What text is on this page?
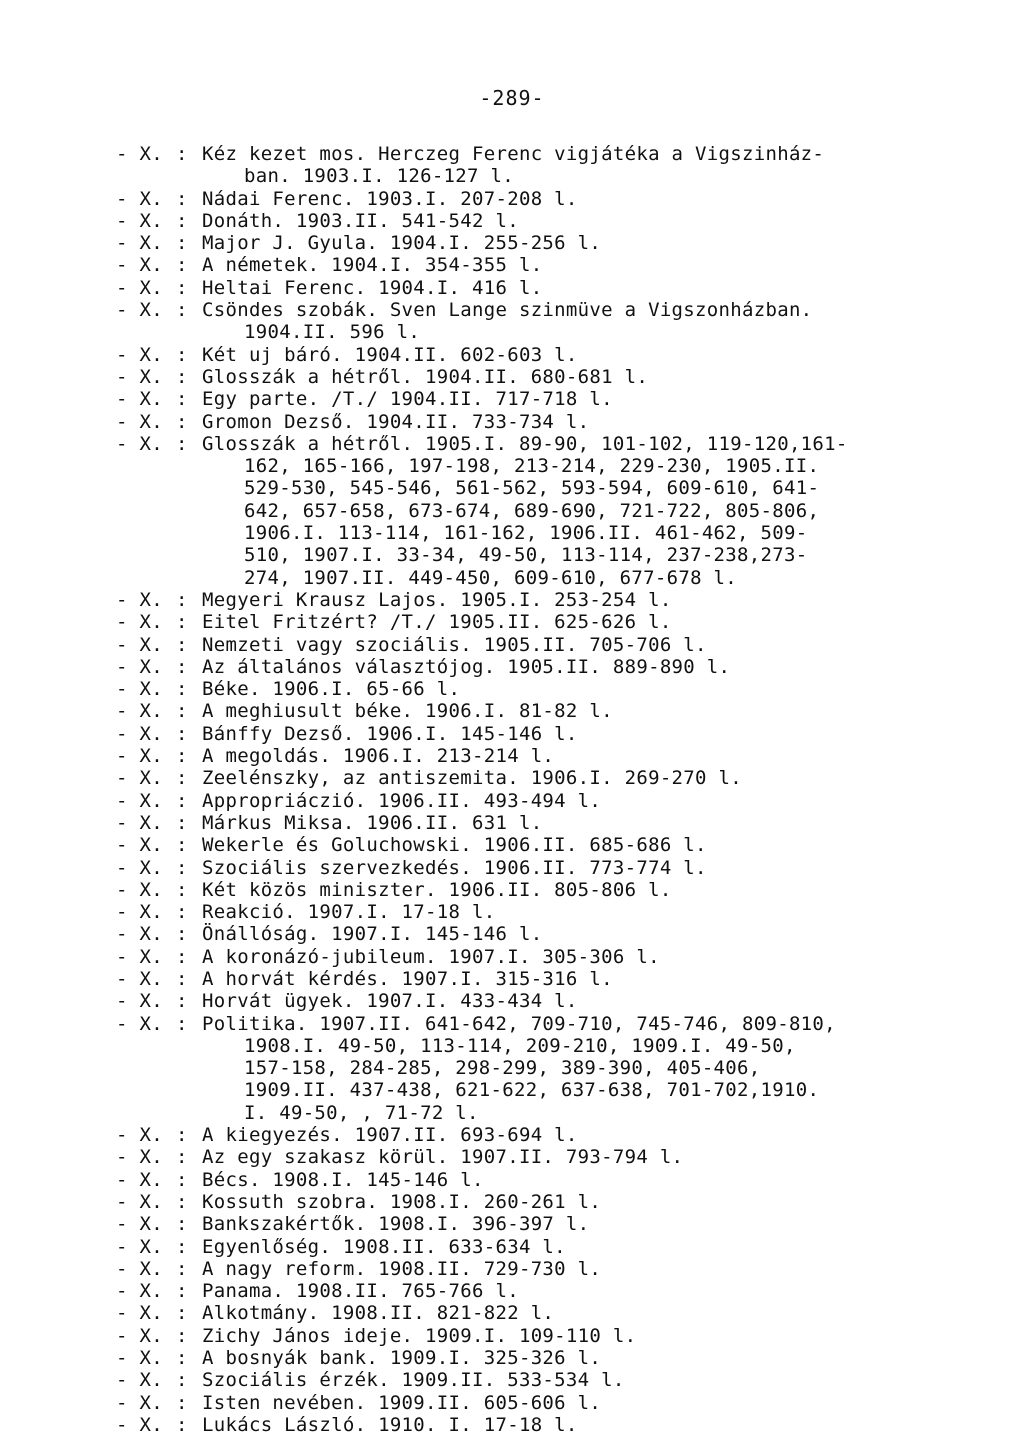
-289-
- X. : Kéz kezet mos. Herczeg Ferenc vigjátéka a Vigszinház-
ban. 1903.I. 126-127 l.
- X. : Nádai Ferenc. 1903.I. 207-208 l.
- X. : Donáth. 1903.II. 541-542 l.
- X. : Major J. Gyula. 1904.I. 255-256 l.
- X. : A németek. 1904.I. 354-355 l.
- X. : Heltai Ferenc. 1904.I. 416 l.
- X. : Csöndes szobák. Sven Lange szinmüve a Vigszonházban.
1904.II. 596 l.
- X. : Két uj báró. 1904.II. 602-603 l.
- X. : Glosszák a hétről. 1904.II. 680-681 l.
- X. : Egy parte. /T./ 1904.II. 717-718 l.
- X. : Gromon Dezső. 1904.II. 733-734 l.
- X. : Glosszák a hétről. 1905.I. 89-90, 101-102, 119-120,161-
162, 165-166, 197-198, 213-214, 229-230, 1905.II.
529-530, 545-546, 561-562, 593-594, 609-610, 641-
642, 657-658, 673-674, 689-690, 721-722, 805-806,
1906.I. 113-114, 161-162, 1906.II. 461-462, 509-
510, 1907.I. 33-34, 49-50, 113-114, 237-238,273-
274, 1907.II. 449-450, 609-610, 677-678 l.
- X. : Megyeri Krausz Lajos. 1905.I. 253-254 l.
- X. : Eitel Fritzért? /T./ 1905.II. 625-626 l.
- X. : Nemzeti vagy szociális. 1905.II. 705-706 l.
- X. : Az általános választójog. 1905.II. 889-890 l.
- X. : Béke. 1906.I. 65-66 l.
- X. : A meghiusult béke. 1906.I. 81-82 l.
- X. : Bánffy Dezső. 1906.I. 145-146 l.
- X. : A megoldás. 1906.I. 213-214 l.
- X. : Zeelénszky, az antiszemita. 1906.I. 269-270 l.
- X. : Appropriáczió. 1906.II. 493-494 l.
- X. : Márkus Miksa. 1906.II. 631 l.
- X. : Wekerle és Goluchowski. 1906.II. 685-686 l.
- X. : Szociális szervezkedés. 1906.II. 773-774 l.
- X. : Két közös miniszter. 1906.II. 805-806 l.
- X. : Reakció. 1907.I. 17-18 l.
- X. : Önállóság. 1907.I. 145-146 l.
- X. : A koronázó-jubileum. 1907.I. 305-306 l.
- X. : A horvát kérdés. 1907.I. 315-316 l.
- X. : Horvát ügyek. 1907.I. 433-434 l.
- X. : Politika. 1907.II. 641-642, 709-710, 745-746, 809-810,
1908.I. 49-50, 113-114, 209-210, 1909.I. 49-50,
157-158, 284-285, 298-299, 389-390, 405-406,
1909.II. 437-438, 621-622, 637-638, 701-702,1910.
I. 49-50, , 71-72 l.
- X. : A kiegyezés. 1907.II. 693-694 l.
- X. : Az egy szakasz körül. 1907.II. 793-794 l.
- X. : Bécs. 1908.I. 145-146 l.
- X. : Kossuth szobra. 1908.I. 260-261 l.
- X. : Bankszakértők. 1908.I. 396-397 l.
- X. : Egyenlőség. 1908.II. 633-634 l.
- X. : A nagy reform. 1908.II. 729-730 l.
- X. : Panama. 1908.II. 765-766 l.
- X. : Alkotmány. 1908.II. 821-822 l.
- X. : Zichy János ideje. 1909.I. 109-110 l.
- X. : A bosnyák bank. 1909.I. 325-326 l.
- X. : Szociális érzék. 1909.II. 533-534 l.
- X. : Isten nevében. 1909.II. 605-606 l.
- X. : Lukács László. 1910. I. 17-18 l.
